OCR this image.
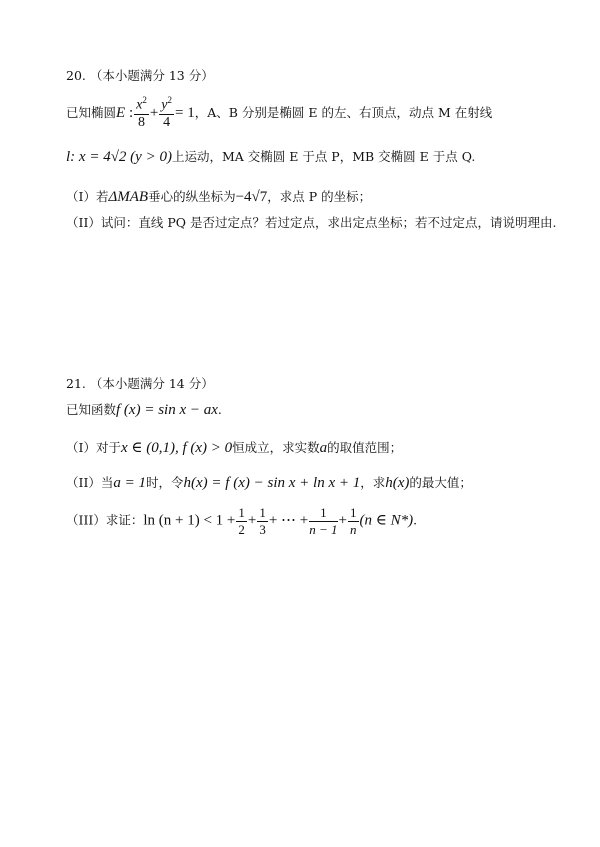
20. （本小题满分 13 分）
已知椭圆E : $\frac{x^2}{8} + \frac{y^2}{4} = 1$，A、B 分别是椭圆 E 的左、右顶点，动点 M 在射线
l: x = 4√2 (y > 0)上运动，MA 交椭圆 E 于点 P，MB 交椭圆 E 于点 Q.
（I）若ΔMAB垂心的纵坐标为−4√7，求点 P 的坐标；
（II）试问：直线 PQ 是否过定点？若过定点，求出定点坐标；若不过定点，请说明理由.
21. （本小题满分 14 分）
已知函数f (x) = sin x − ax.
（I）对于x ∈ (0,1), f (x) > 0恒成立，求实数a的取值范围；
（II）当a = 1时，令h(x) = f (x) − sin x + ln x + 1，求h(x)的最大值；
（III）求证：$\ln (n + 1) < 1 + \frac{1}{2} + \frac{1}{3}$ + ⋯ + $\frac{1}{n - 1} + \frac{1}{n} (n$ ∈ N*).
